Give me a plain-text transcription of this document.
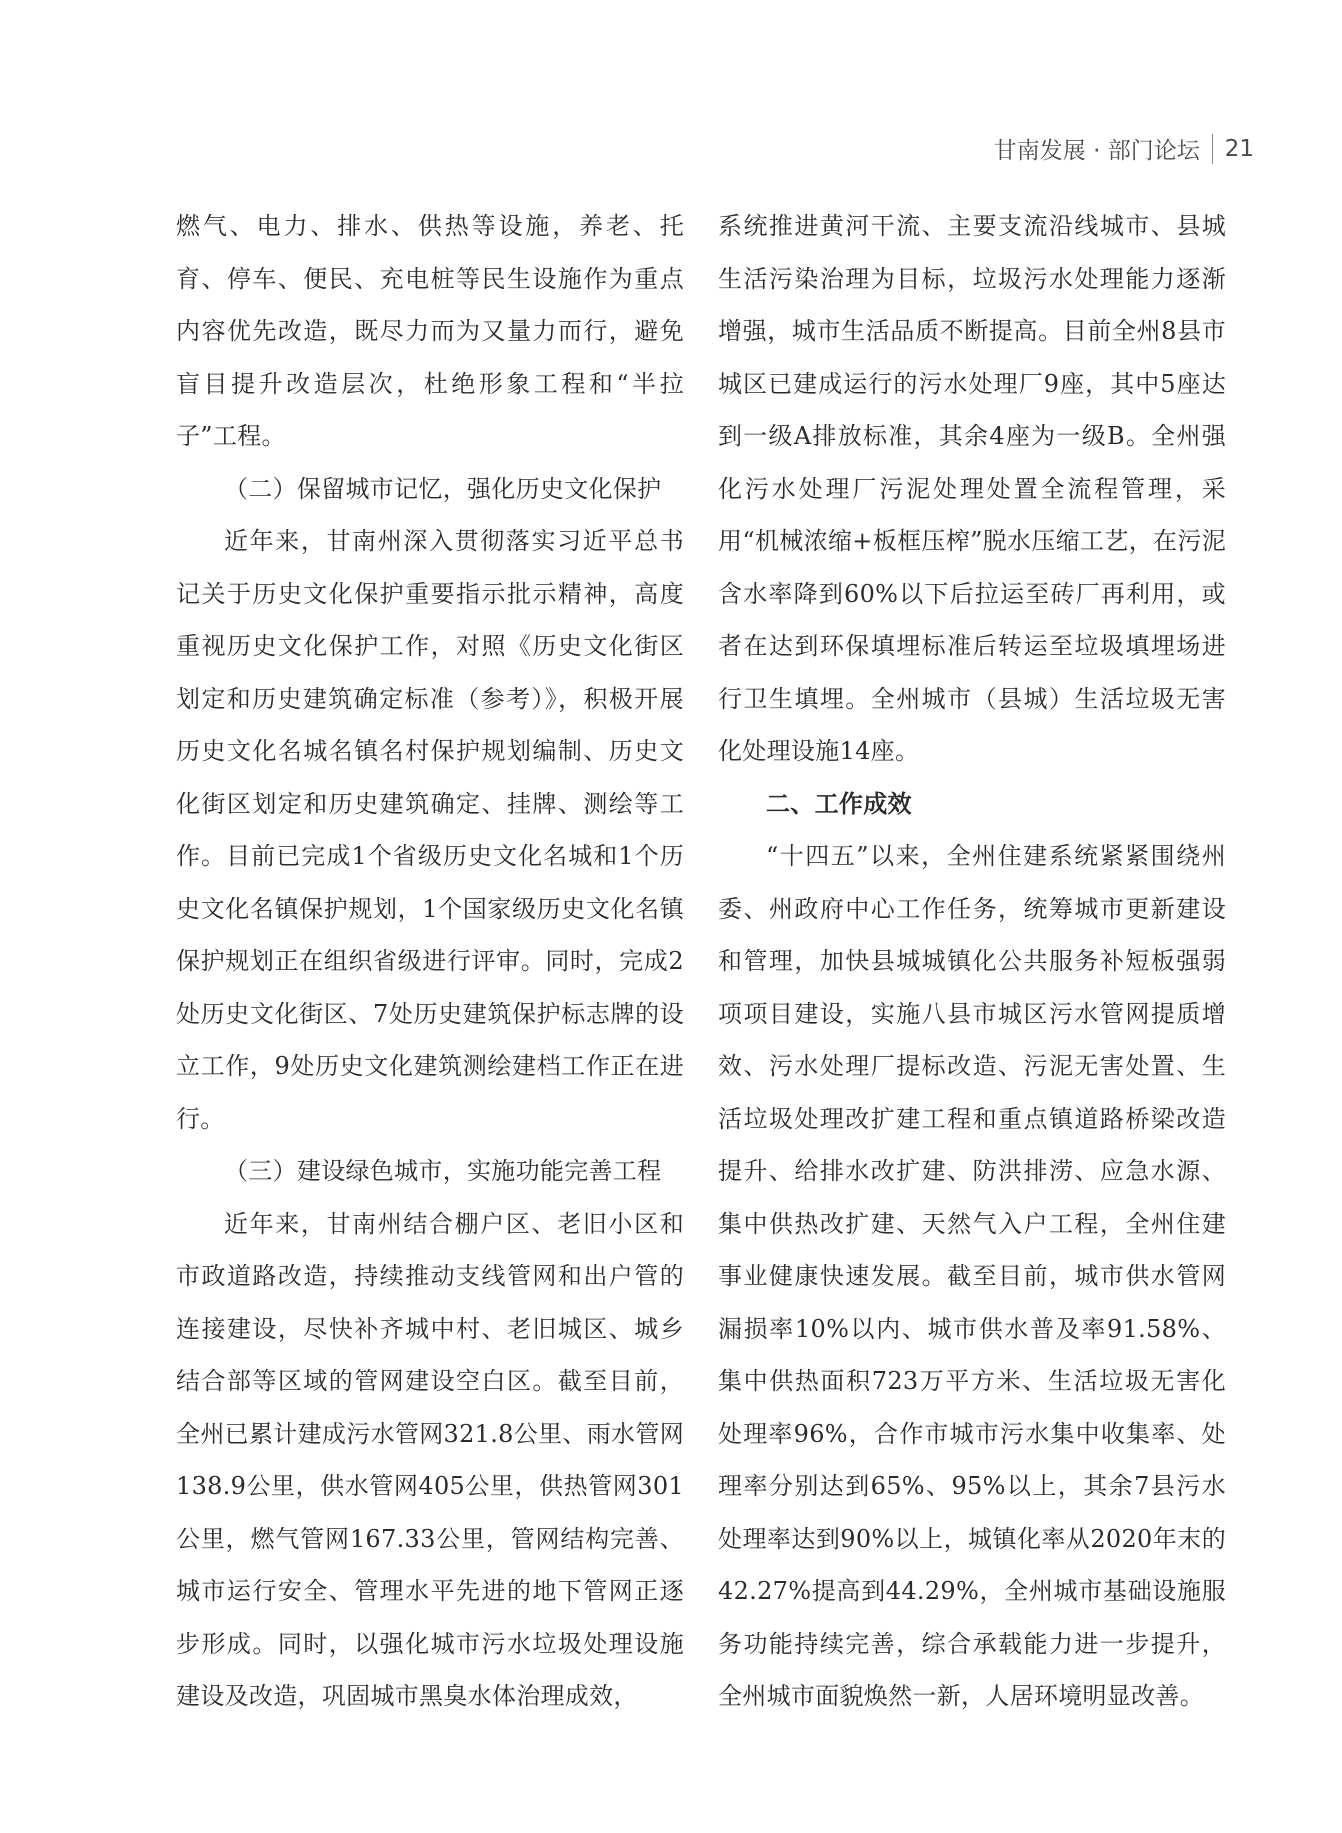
甘南发展 · 部门论坛 21

燃气、电力、排水、供热等设施，养老、托育、停车、便民、充电桩等民生设施作为重点内容优先改造，既尽力而为又量力而行，避免盲目提升改造层次，杜绝形象工程和“半拉子”工程。

（二）保留城市记忆，强化历史文化保护

近年来，甘南州深入贯彻落实习近平总书记关于历史文化保护重要指示批示精神，高度重视历史文化保护工作，对照《历史文化街区划定和历史建筑确定标准（参考）》，积极开展历史文化名城名镇名村保护规划编制、历史文化街区划定和历史建筑确定、挂牌、测绘等工作。目前已完成1个省级历史文化名城和1个历史文化名镇保护规划，1个国家级历史文化名镇保护规划正在组织省级进行评审。同时，完成2处历史文化街区、7处历史建筑保护标志牌的设立工作，9处历史文化建筑测绘建档工作正在进行。

（三）建设绿色城市，实施功能完善工程

近年来，甘南州结合棚户区、老旧小区和市政道路改造，持续推动支线管网和出户管的连接建设，尽快补齐城中村、老旧城区、城乡结合部等区域的管网建设空白区。截至目前，全州已累计建成污水管网321.8公里、雨水管网138.9公里，供水管网405公里，供热管网301公里，燃气管网167.33公里，管网结构完善、城市运行安全、管理水平先进的地下管网正逐步形成。同时，以强化城市污水垃圾处理设施建设及改造，巩固城市黑臭水体治理成效，

系统推进黄河干流、主要支流沿线城市、县城生活污染治理为目标，垃圾污水处理能力逐渐增强，城市生活品质不断提高。目前全州8县市城区已建成运行的污水处理厂9座，其中5座达到一级A排放标准，其余4座为一级B。全州强化污水处理厂污泥处理处置全流程管理，采用“机械浓缩+板框压榨”脱水压缩工艺，在污泥含水率降到60%以下后拉运至砖厂再利用，或者在达到环保填埋标准后转运至垃圾填埋场进行卫生填埋。全州城市（县城）生活垃圾无害化处理设施14座。

二、工作成效

“十四五”以来，全州住建系统紧紧围绕州委、州政府中心工作任务，统筹城市更新建设和管理，加快县城城镇化公共服务补短板强弱项项目建设，实施八县市城区污水管网提质增效、污水处理厂提标改造、污泥无害处置、生活垃圾处理改扩建工程和重点镇道路桥梁改造提升、给排水改扩建、防洪排涝、应急水源、集中供热改扩建、天然气入户工程，全州住建事业健康快速发展。截至目前，城市供水管网漏损率10%以内、城市供水普及率91.58%、集中供热面积723万平方米、生活垃圾无害化处理率96%，合作市城市污水集中收集率、处理率分别达到65%、95%以上，其余7县污水处理率达到90%以上，城镇化率从2020年末的42.27%提高到44.29%，全州城市基础设施服务功能持续完善，综合承载能力进一步提升，全州城市面貌焕然一新，人居环境明显改善。
